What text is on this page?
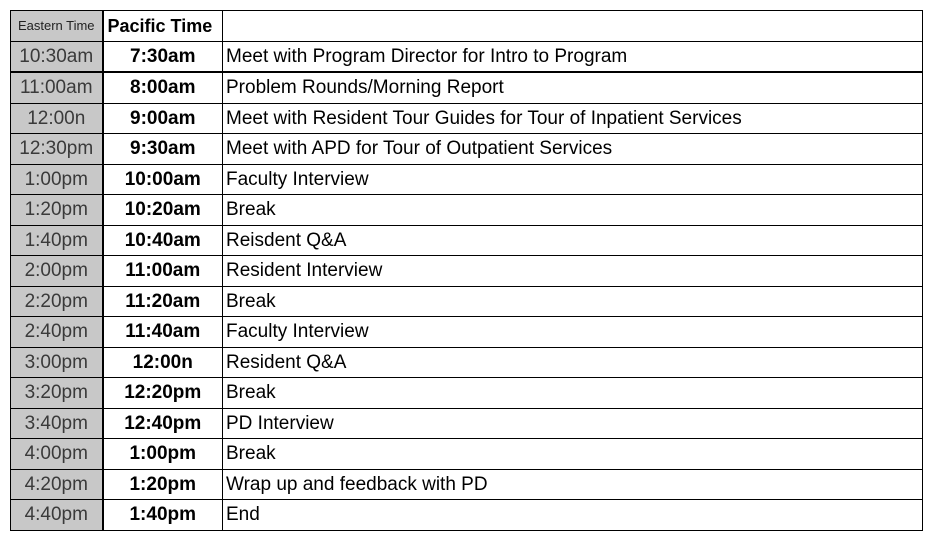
Eastern Time	Pacific Time	
10:30am	7:30am	Meet with Program Director for Intro to Program
11:00am	8:00am	Problem Rounds/Morning Report
12:00n	9:00am	Meet with Resident Tour Guides for Tour of Inpatient Services
12:30pm	9:30am	Meet with APD for Tour of Outpatient Services
1:00pm	10:00am	Faculty Interview
1:20pm	10:20am	Break
1:40pm	10:40am	Reisdent Q&A
2:00pm	11:00am	Resident Interview
2:20pm	11:20am	Break
2:40pm	11:40am	Faculty Interview
3:00pm	12:00n	Resident Q&A
3:20pm	12:20pm	Break
3:40pm	12:40pm	PD Interview
4:00pm	1:00pm	Break
4:20pm	1:20pm	Wrap up and feedback with PD
4:40pm	1:40pm	End
